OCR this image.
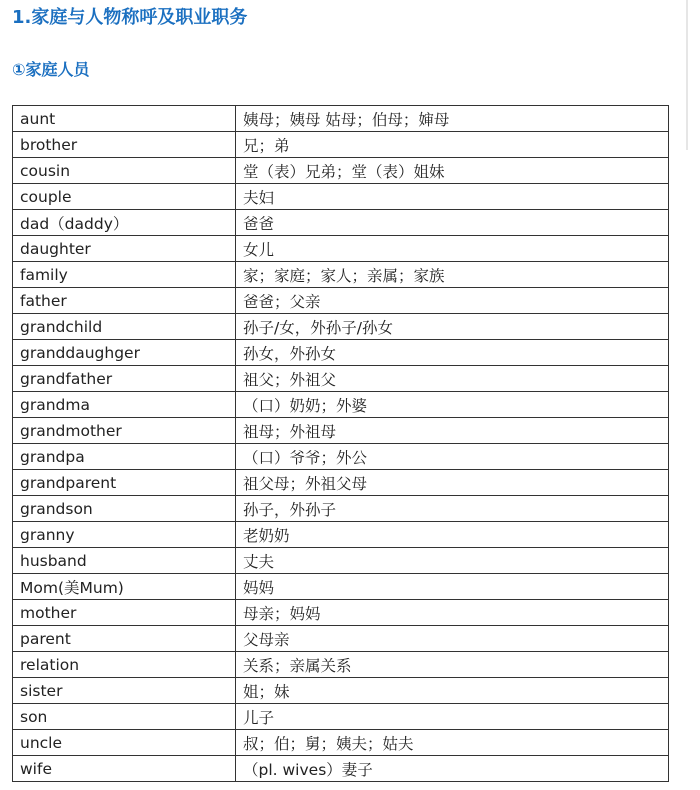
1.家庭与人物称呼及职业职务
①家庭人员
aunt	姨母；姨母 姑母；伯母；婶母
brother	兄；弟
cousin	堂（表）兄弟；堂（表）姐妹
couple	夫妇
dad（daddy）	爸爸
daughter	女儿
family	家；家庭；家人；亲属；家族
father	爸爸；父亲
grandchild	孙子/女，外孙子/孙女
granddaughger	孙女，外孙女
grandfather	祖父；外祖父
grandma	（口）奶奶；外婆
grandmother	祖母；外祖母
grandpa	（口）爷爷；外公
grandparent	祖父母；外祖父母
grandson	孙子，外孙子
granny	老奶奶
husband	丈夫
Mom(美Mum)	妈妈
mother	母亲；妈妈
parent	父母亲
relation	关系；亲属关系
sister	姐；妹
son	儿子
uncle	叔；伯；舅；姨夫；姑夫
wife	（pl. wives）妻子
